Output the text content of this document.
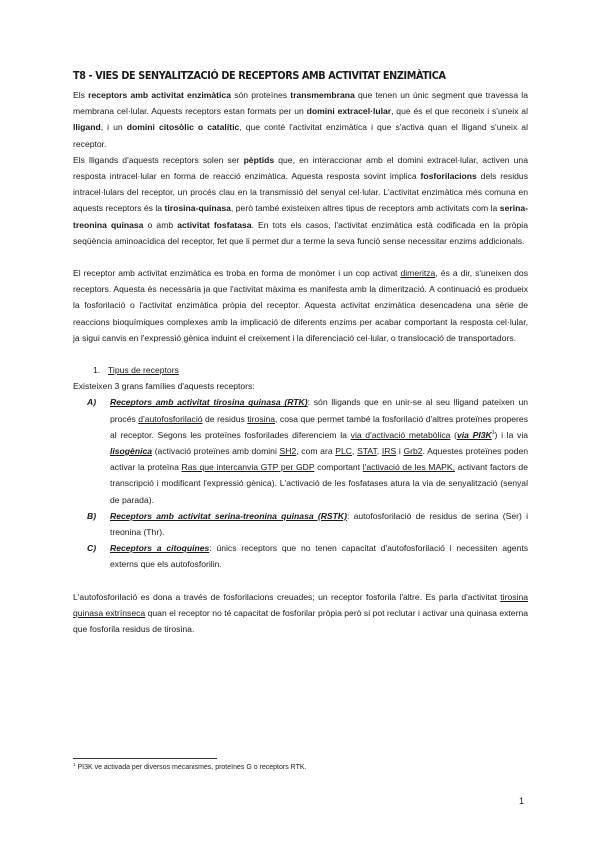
T8 - VIES DE SENYALITZACIÓ DE RECEPTORS AMB ACTIVITAT ENZIMÀTICA

Els receptors amb activitat enzimàtica són proteïnes transmembrana que tenen un únic segment que travessa la membrana cel·lular. Aquests receptors estan formats per un domini extracel·lular, que és el que reconeix i s'uneix al lligand, i un domini citosòlic o catalític, que conté l'activitat enzimàtica i que s'activa quan el lligand s'uneix al receptor.

Els lligands d'aquests receptors solen ser pèptids que, en interaccionar amb el domini extracel·lular, activen una resposta intracel·lular en forma de reacció enzimàtica. Aquesta resposta sovint implica fosforilacions dels residus intracel·lulars del receptor, un procés clau en la transmissió del senyal cel·lular. L'activitat enzimàtica més comuna en aquests receptors és la tirosina-quinasa, però també existeixen altres tipus de receptors amb activitats com la serina-treonina quinasa o amb activitat fosfatasa. En tots els casos, l'activitat enzimàtica està codificada en la pròpia seqüència aminoacídica del receptor, fet que li permet dur a terme la seva funció sense necessitar enzims addicionals.

El receptor amb activitat enzimàtica es troba en forma de monòmer i un cop activat dimeritza, és a dir, s'uneixen dos receptors. Aquesta és necessària ja que l'activitat màxima es manifesta amb la dimerització. A continuació es produeix la fosforilació o l'activitat enzimàtica pròpia del receptor. Aquesta activitat enzimàtica desencadena una sèrie de reaccions bioquímiques complexes amb la implicació de diferents enzims per acabar comportant la resposta cel·lular, ja sigui canvis en l'expressió gènica induint el creixement i la diferenciació cel·lular, o translocació de transportadors.

1. Tipus de receptors

Existeixen 3 grans famílies d'aquests receptors:

A) Receptors amb activitat tirosina quinasa (RTK): són lligands que en unir-se al seu lligand pateixen un procés d'autofosforilació de residus tirosina, cosa que permet també la fosforilació d'altres proteïnes properes al receptor. Segons les proteïnes fosforilades diferenciem la via d'activació metabòlica (via $PI3K^1$) i la via lisogènica (activació proteïnes amb domini SH2, com ara PLC, STAT, IRS i Grb2. Aquestes proteïnes poden activar la proteïna Ras que intercanvia GTP per GDP comportant l'activació de les MAPK, activant factors de transcripció i modificant l'expressió gènica). L'activació de les fosfatases atura la via de senyalització (senyal de parada).

B) Receptors amb activitat serina-treonina quinasa (RSTK): autofosforilació de residus de serina (Ser) i treonina (Thr).

C) Receptors a citoquines: únics receptors que no tenen capacitat d'autofosforilació i necessiten agents externs que els autofosforilin.

L'autofosforilació es dona a través de fosforilacions creuades; un receptor fosforila l'altre. Es parla d'activitat tirosina quinasa extrínseca quan el receptor no té capacitat de fosforilar pròpia però si pot reclutar i activar una quinasa externa que fosforila residus de tirosina.

$^1$ PI3K ve activada per diversos mecanismes, proteïnes G o receptors RTK.
1
